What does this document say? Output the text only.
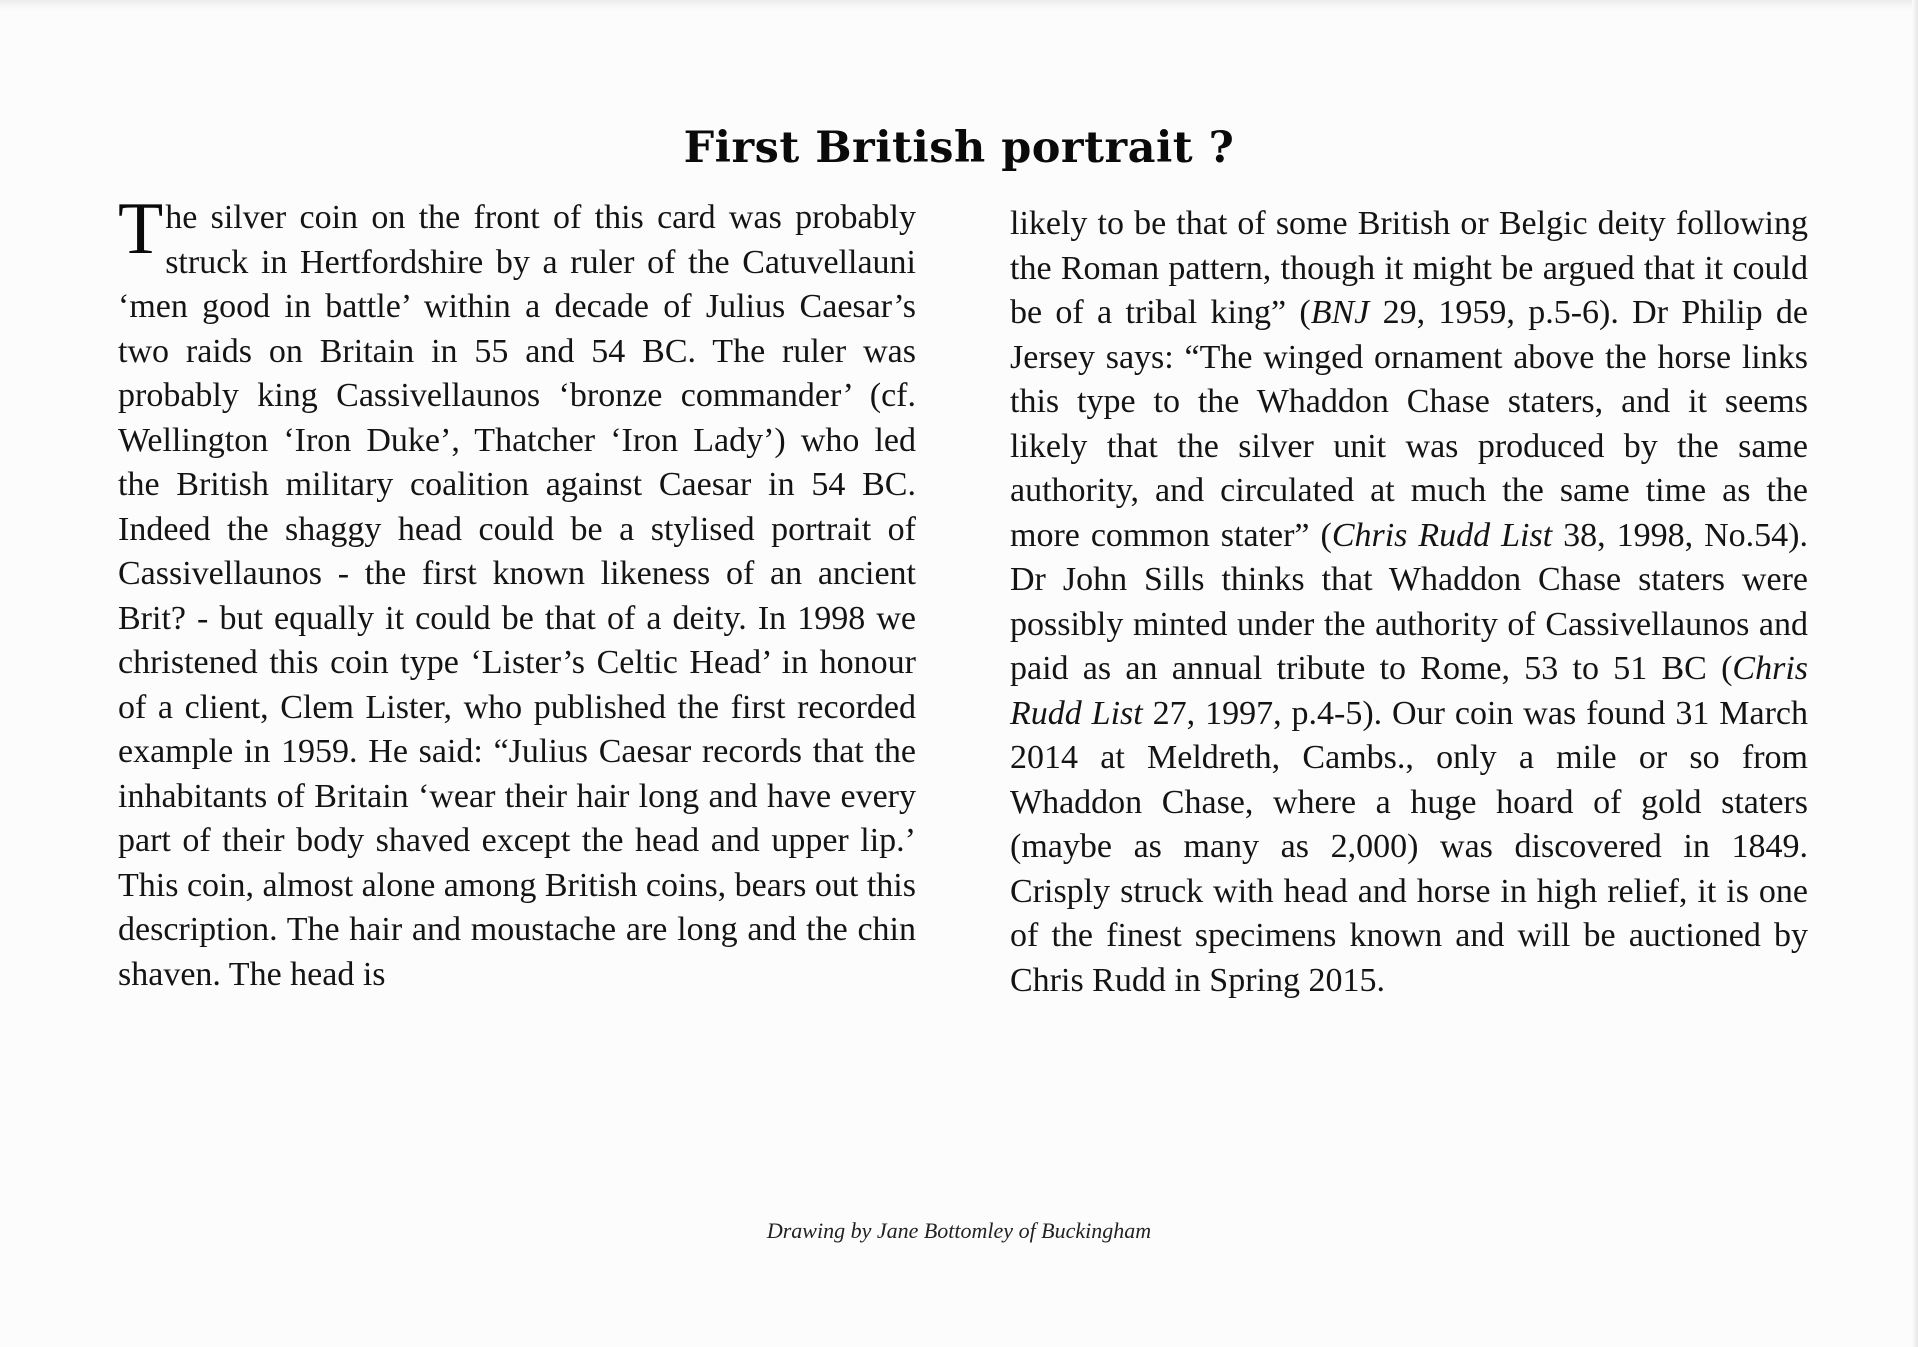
First British portrait ?

The silver coin on the front of this card was probably struck in Hertfordshire by a ruler of the Catuvellauni ‘men good in battle’ within a decade of Julius Caesar’s two raids on Britain in 55 and 54 BC. The ruler was probably king Cassivellaunos ‘bronze commander’ (cf. Wellington ‘Iron Duke’, Thatcher ‘Iron Lady’) who led the British military coalition against Caesar in 54 BC. Indeed the shaggy head could be a stylised portrait of Cassivellaunos - the first known likeness of an ancient Brit? - but equally it could be that of a deity. In 1998 we christened this coin type ‘Lister’s Celtic Head’ in honour of a client, Clem Lister, who published the first recorded example in 1959. He said: “Julius Caesar records that the inhabitants of Britain ‘wear their hair long and have every part of their body shaved except the head and upper lip.’ This coin, almost alone among British coins, bears out this description. The hair and moustache are long and the chin shaven. The head is

likely to be that of some British or Belgic deity following the Roman pattern, though it might be argued that it could be of a tribal king” (BNJ 29, 1959, p.5-6). Dr Philip de Jersey says: “The winged ornament above the horse links this type to the Whaddon Chase staters, and it seems likely that the silver unit was produced by the same authority, and circulated at much the same time as the more common stater” (Chris Rudd List 38, 1998, No.54). Dr John Sills thinks that Whaddon Chase staters were possibly minted under the authority of Cassivellaunos and paid as an annual tribute to Rome, 53 to 51 BC (Chris Rudd List 27, 1997, p.4-5). Our coin was found 31 March 2014 at Meldreth, Cambs., only a mile or so from Whaddon Chase, where a huge hoard of gold staters (maybe as many as 2,000) was discovered in 1849. Crisply struck with head and horse in high relief, it is one of the finest specimens known and will be auctioned by Chris Rudd in Spring 2015.

Drawing by Jane Bottomley of Buckingham
